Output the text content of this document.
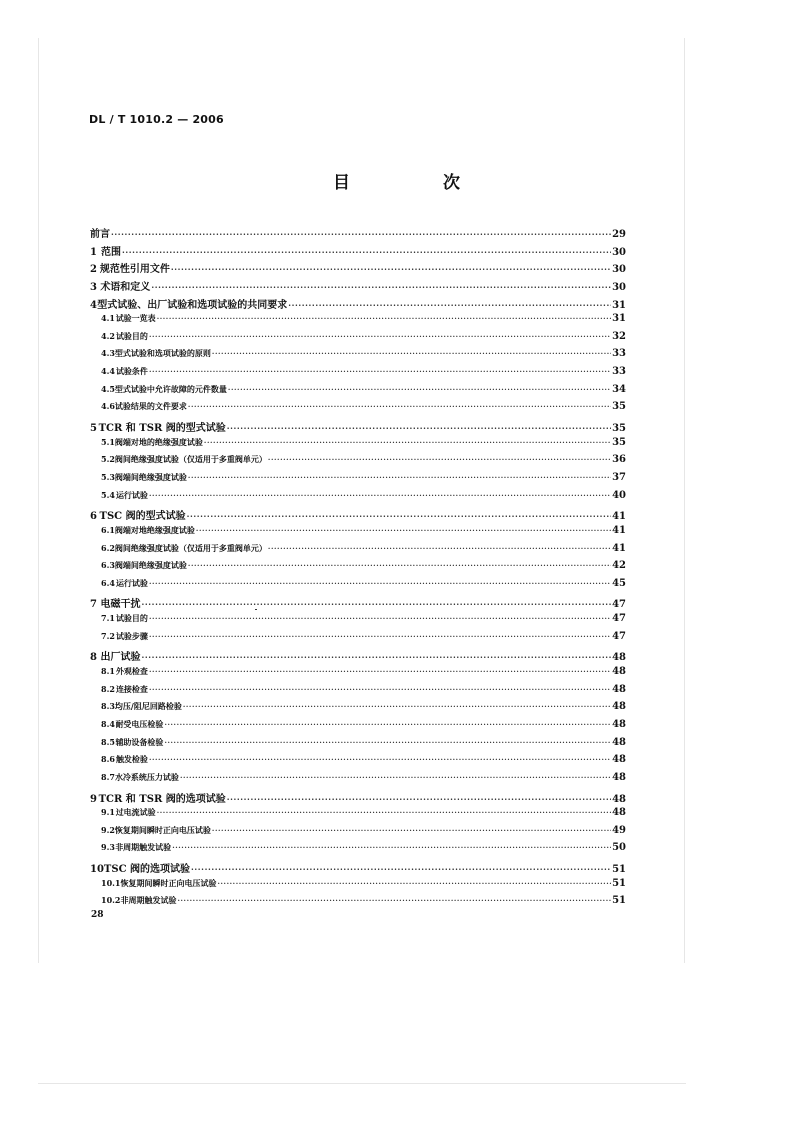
DL / T 1010.2 — 2006
目　次
前言 ·····	29
1 范围 ·····	30
2 规范性引用文件 ·····	30
3 术语和定义 ·····	30
4 型式试验、出厂试验和选项试验的共同要求 ·····	31
4.1 试验一览表 ·····	31
4.2 试验目的 ·····	32
4.3 型式试验和选项试验的原则 ·····	33
4.4 试验条件 ·····	33
4.5 型式试验中允许故障的元件数量 ·····	34
4.6 试验结果的文件要求 ·····	35
5 TCR 和 TSR 阀的型式试验 ·····	35
5.1 阀端对地的绝缘强度试验 ·····	35
5.2 阀间绝缘强度试验（仅适用于多重阀单元） ·····	36
5.3 阀端间绝缘强度试验 ·····	37
5.4 运行试验 ·····	40
6 TSC 阀的型式试验 ·····	41
6.1 阀端对地绝缘强度试验 ·····	41
6.2 阀间绝缘强度试验（仅适用于多重阀单元） ·····	41
6.3 阀端间绝缘强度试验 ·····	42
6.4 运行试验 ·····	45
7 电磁干扰 ·····	47
7.1 试验目的 ·····	47
7.2 试验步骤 ·····	47
8 出厂试验 ·····	48
8.1 外观检查 ·····	48
8.2 连接检查 ·····	48
8.3 均压/阻尼回路检验 ·····	48
8.4 耐受电压检验 ·····	48
8.5 辅助设备检验 ·····	48
8.6 触发检验 ·····	48
8.7 水冷系统压力试验 ·····	48
9 TCR 和 TSR 阀的选项试验 ·····	48
9.1 过电流试验 ·····	48
9.2 恢复期间瞬时正向电压试验 ·····	49
9.3 非周期触发试验 ·····	50
10 TSC 阀的选项试验 ·····	51
10.1 恢复期间瞬时正向电压试验 ·····	51
10.2 非周期触发试验 ·····	51
28
